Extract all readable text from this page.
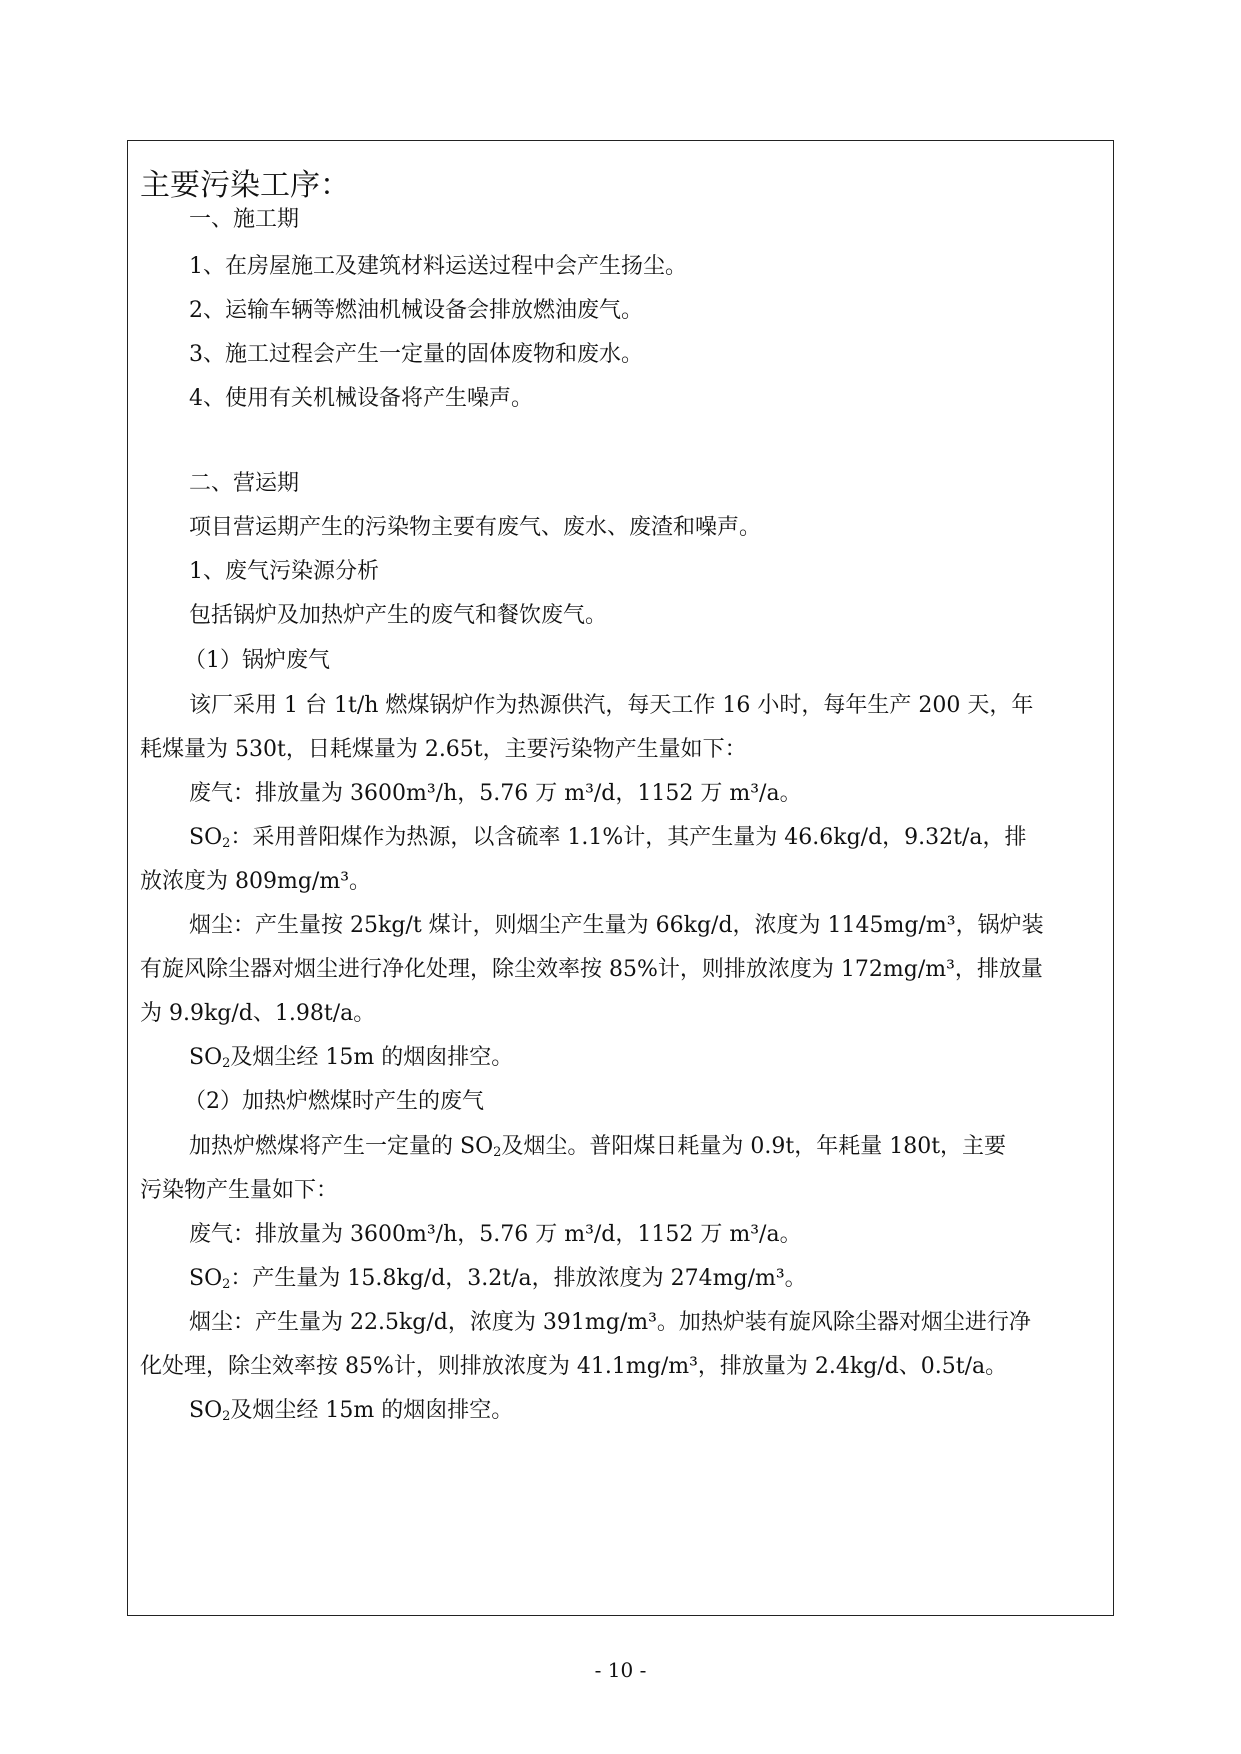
主要污染工序：
一、施工期
1、在房屋施工及建筑材料运送过程中会产生扬尘。
2、运输车辆等燃油机械设备会排放燃油废气。
3、施工过程会产生一定量的固体废物和废水。
4、使用有关机械设备将产生噪声。
二、营运期
项目营运期产生的污染物主要有废气、废水、废渣和噪声。
1、废气污染源分析
包括锅炉及加热炉产生的废气和餐饮废气。
（1）锅炉废气
该厂采用 1 台 1t/h 燃煤锅炉作为热源供汽，每天工作 16 小时，每年生产 200 天，年
耗煤量为 530t，日耗煤量为 2.65t，主要污染物产生量如下：
废气：排放量为 3600m³/h，5.76 万 m³/d，1152 万 m³/a。
$SO_2$：采用普阳煤作为热源，以含硫率 1.1%计，其产生量为 46.6kg/d，9.32t/a，排
放浓度为 809mg/m³。
烟尘：产生量按 25kg/t 煤计，则烟尘产生量为 66kg/d，浓度为 1145mg/m³，锅炉装
有旋风除尘器对烟尘进行净化处理，除尘效率按 85%计，则排放浓度为 172mg/m³，排放量
为 9.9kg/d、1.98t/a。
$SO_2$及烟尘经 15m 的烟囱排空。
（2）加热炉燃煤时产生的废气
加热炉燃煤将产生一定量的 $SO_2$及烟尘。普阳煤日耗量为 0.9t，年耗量 180t，主要
污染物产生量如下：
废气：排放量为 3600m³/h，5.76 万 m³/d，1152 万 m³/a。
$SO_2$：产生量为 15.8kg/d，3.2t/a，排放浓度为 274mg/m³。
烟尘：产生量为 22.5kg/d，浓度为 391mg/m³。加热炉装有旋风除尘器对烟尘进行净
化处理，除尘效率按 85%计，则排放浓度为 41.1mg/m³，排放量为 2.4kg/d、0.5t/a。
$SO_2$及烟尘经 15m 的烟囱排空。
- 10 -
